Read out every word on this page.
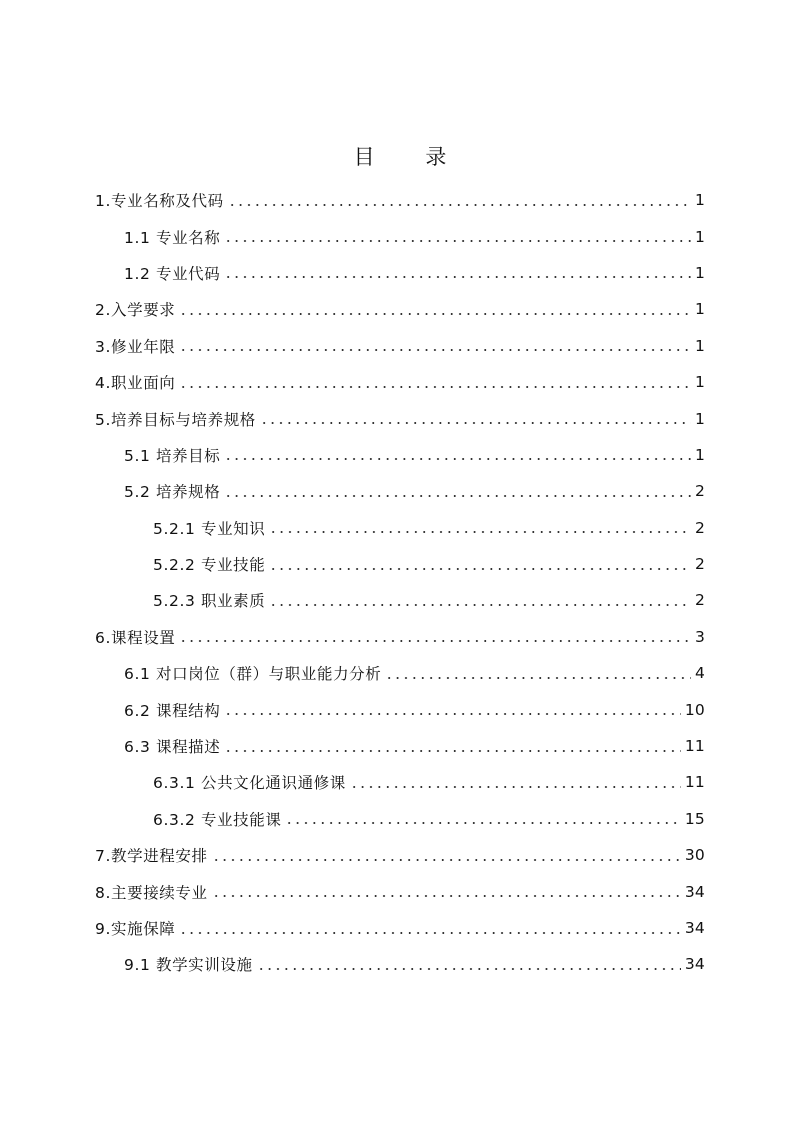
目 录
1.专业名称及代码	1
1.1 专业名称	1
1.2 专业代码	1
2.入学要求	1
3.修业年限	1
4.职业面向	1
5.培养目标与培养规格	1
5.1 培养目标	1
5.2 培养规格	2
5.2.1 专业知识	2
5.2.2 专业技能	2
5.2.3 职业素质	2
6.课程设置	3
6.1 对口岗位（群）与职业能力分析	4
6.2 课程结构	10
6.3 课程描述	11
6.3.1 公共文化通识通修课	11
6.3.2 专业技能课	15
7.教学进程安排	30
8.主要接续专业	34
9.实施保障	34
9.1 教学实训设施	34
